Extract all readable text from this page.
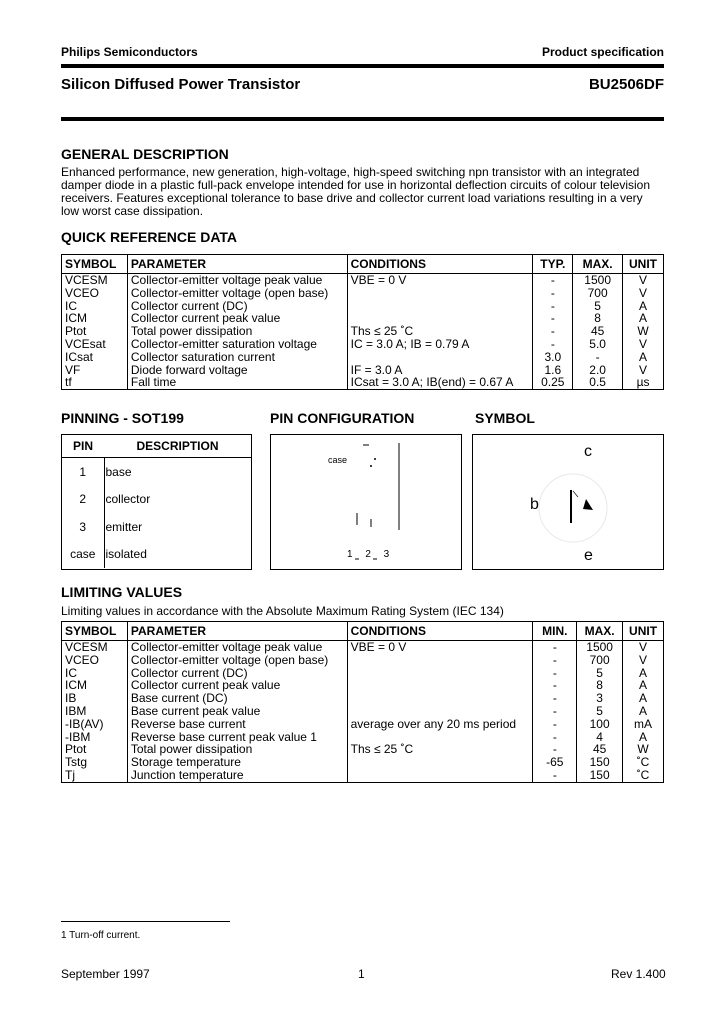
Philips Semiconductors	Product specification
Silicon Diffused Power Transistor	BU2506DF
GENERAL DESCRIPTION
Enhanced performance, new generation, high-voltage, high-speed switching npn transistor with an integrated damper diode in a plastic full-pack envelope intended for use in horizontal deflection circuits of colour television receivers. Features exceptional tolerance to base drive and collector current load variations resulting in a very low worst case dissipation.
QUICK REFERENCE DATA
SYMBOL	PARAMETER	CONDITIONS	TYP.	MAX.	UNIT
VCESM	Collector-emitter voltage peak value	VBE = 0 V	-	1500	V
VCEO	Collector-emitter voltage (open base)		-	700	V
IC	Collector current (DC)		-	5	A
ICM	Collector current peak value		-	8	A
Ptot	Total power dissipation	Ths ≤ 25 ˚C	-	45	W
VCEsat	Collector-emitter saturation voltage	IC = 3.0 A; IB = 0.79 A	-	5.0	V
ICsat	Collector saturation current		3.0	-	A
VF	Diode forward voltage	IF = 3.0 A	1.6	2.0	V
tf	Fall time	ICsat = 3.0 A; IB(end) = 0.67 A	0.25	0.5	µs
PINNING - SOT199
PIN	DESCRIPTION
1	base
2	collector
3	emitter
case	isolated
PIN CONFIGURATION
case
1 2 3
SYMBOL
c
b
e
LIMITING VALUES
Limiting values in accordance with the Absolute Maximum Rating System (IEC 134)
SYMBOL	PARAMETER	CONDITIONS	MIN.	MAX.	UNIT
VCESM	Collector-emitter voltage peak value	VBE = 0 V	-	1500	V
VCEO	Collector-emitter voltage (open base)		-	700	V
IC	Collector current (DC)		-	5	A
ICM	Collector current peak value		-	8	A
IB	Base current (DC)		-	3	A
IBM	Base current peak value		-	5	A
-IB(AV)	Reverse base current	average over any 20 ms period	-	100	mA
-IBM	Reverse base current peak value 1		-	4	A
Ptot	Total power dissipation	Ths ≤ 25 ˚C	-	45	W
Tstg	Storage temperature		-65	150	˚C
Tj	Junction temperature		-	150	˚C
1 Turn-off current.
September 1997	1	Rev 1.400
